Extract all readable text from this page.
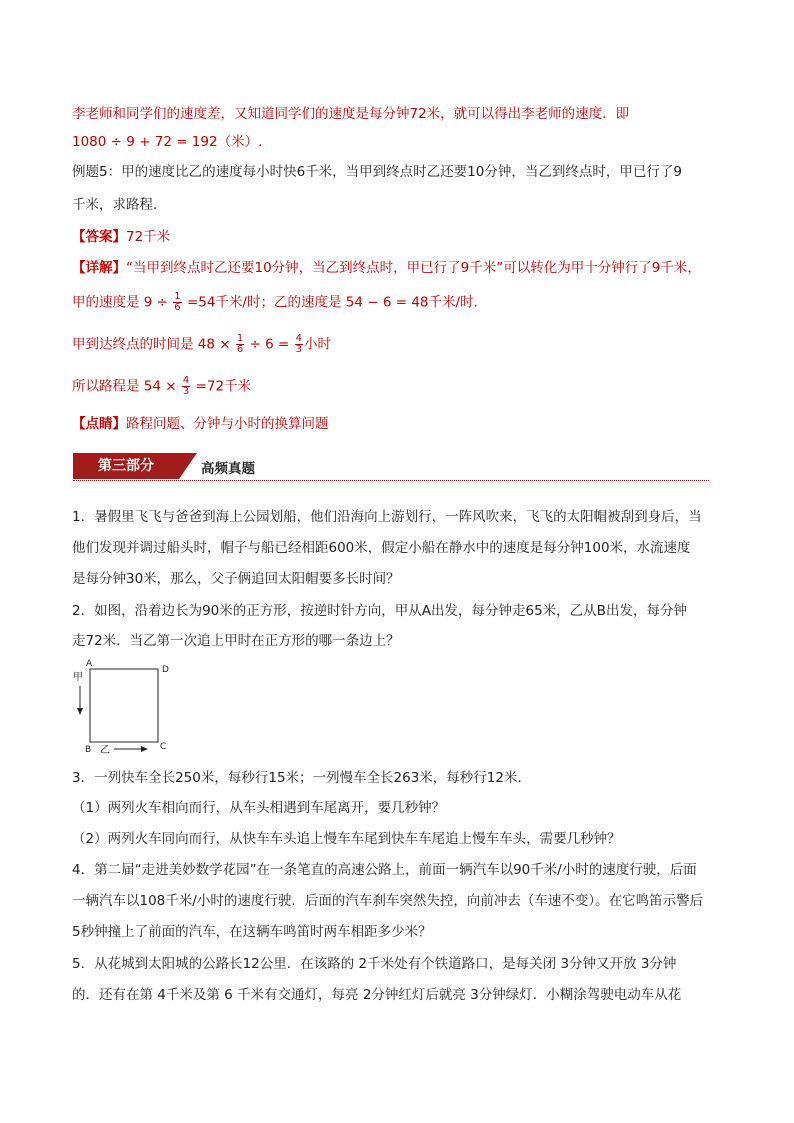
李老师和同学们的速度差，又知道同学们的速度是每分钟72米，就可以得出李老师的速度．即
1080 ÷ 9 + 72 = 192（米）.
例题5：甲的速度比乙的速度每小时快6千米，当甲到终点时乙还要10分钟，当乙到终点时，甲已行了9
千米，求路程．
【答案】72千米
【详解】“当甲到终点时乙还要10分钟，当乙到终点时，甲已行了9千米”可以转化为甲十分钟行了9千米，
甲的速度是 $9 \div \frac{1}{6} =54$千米/时；乙的速度是 54 − 6 = 48千米/时．
甲到达终点的时间是 $48 \times \frac{1}{6} \div 6 = \frac{4}{3}$ 小时
所以路程是 $54 \times \frac{4}{3} =72$千米
【点睛】路程问题、分钟与小时的换算问题
第三部分	高频真题
1．暑假里飞飞与爸爸到海上公园划船，他们沿海向上游划行，一阵风吹来，飞飞的太阳帽被刮到身后，当
他们发现并调过船头时，帽子与船已经相距600米，假定小船在静水中的速度是每分钟100米，水流速度
是每分钟30米，那么，父子俩追回太阳帽要多长时间？
2．如图，沿着边长为90米的正方形，按逆时针方向，甲从A出发，每分钟走65米，乙从B出发，每分钟
走72米．当乙第一次追上甲时在正方形的哪一条边上？
A
D
B	C
甲
乙
3．一列快车全长250米，每秒行15米；一列慢车全长263米，每秒行12米．
（1）两列火车相向而行，从车头相遇到车尾离开，要几秒钟？
（2）两列火车同向而行，从快车车头追上慢车车尾到快车车尾追上慢车车头，需要几秒钟？
4．第二届“走进美妙数学花园”在一条笔直的高速公路上，前面一辆汽车以90千米/小时的速度行驶，后面
一辆汽车以108千米/小时的速度行驶．后面的汽车刹车突然失控，向前冲去（车速不变）。在它鸣笛示警后
5秒钟撞上了前面的汽车，在这辆车鸣笛时两车相距多少米？
5．从花城到太阳城的公路长12公里．在该路的 2千米处有个铁道路口，是每关闭 3分钟又开放 3分钟
的．还有在第 4千米及第 6 千米有交通灯，每亮 2分钟红灯后就亮 3分钟绿灯．小糊涂驾驶电动车从花
